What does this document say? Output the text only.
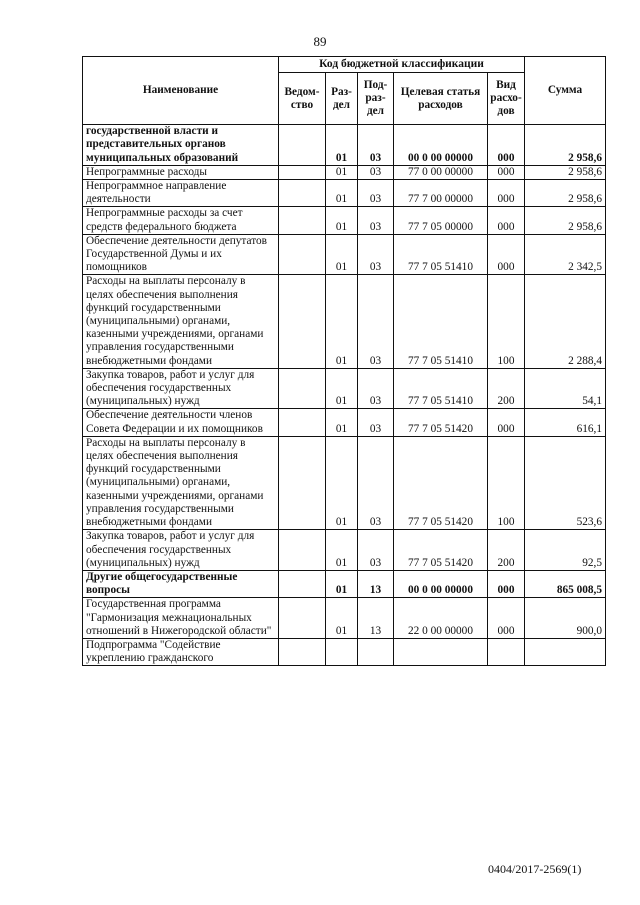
89
Наименование	Код бюджетной классификации					Сумма
	Ведом-ство	Раз-дел	Под-раз-дел	Целевая статья расходов	Вид расхо-дов	
государственной власти и представительных органов муниципальных образований		01	03	00 0 00 00000	000	2 958,6
Непрограммные расходы		01	03	77 0 00 00000	000	2 958,6
Непрограммное направление деятельности		01	03	77 7 00 00000	000	2 958,6
Непрограммные расходы за счет средств федерального бюджета		01	03	77 7 05 00000	000	2 958,6
Обеспечение деятельности депутатов Государственной Думы и их помощников		01	03	77 7 05 51410	000	2 342,5
Расходы на выплаты персоналу в целях обеспечения выполнения функций государственными (муниципальными) органами, казенными учреждениями, органами управления государственными внебюджетными фондами		01	03	77 7 05 51410	100	2 288,4
Закупка товаров, работ и услуг для обеспечения государственных (муниципальных) нужд		01	03	77 7 05 51410	200	54,1
Обеспечение деятельности членов Совета Федерации и их помощников		01	03	77 7 05 51420	000	616,1
Расходы на выплаты персоналу в целях обеспечения выполнения функций государственными (муниципальными) органами, казенными учреждениями, органами управления государственными внебюджетными фондами		01	03	77 7 05 51420	100	523,6
Закупка товаров, работ и услуг для обеспечения государственных (муниципальных) нужд		01	03	77 7 05 51420	200	92,5
Другие общегосударственные вопросы		01	13	00 0 00 00000	000	865 008,5
Государственная программа "Гармонизация межнациональных отношений в Нижегородской области"		01	13	22 0 00 00000	000	900,0
Подпрограмма "Содействие укреплению гражданского						
0404/2017-2569(1)
